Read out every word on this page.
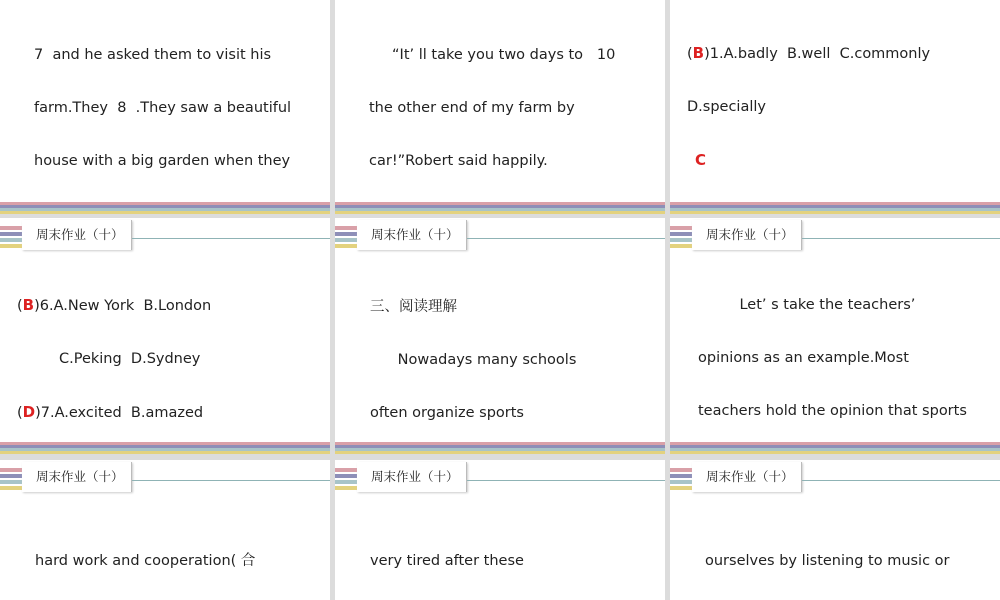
7  and he asked them to visit his

farm.They  8  .They saw a beautiful

house with a big garden when they

“It’ ll take you two days to   10

the other end of my farm by

car!”Robert said happily.

(B)1.A.badly  B.well  C.commonly

D.specially

C

周末作业（十）

(B)6.A.New York  B.London

C.Peking  D.Sydney

(D)7.A.excited  B.amazed

周末作业（十）

三、阅读理解

Nowadays many schools

often organize sports

周末作业（十）

Let’ s take the teachers’

opinions as an example.Most

teachers hold the opinion that sports

周末作业（十）

hard work and cooperation( 合

周末作业（十）

very tired after these

周末作业（十）

ourselves by listening to music or
